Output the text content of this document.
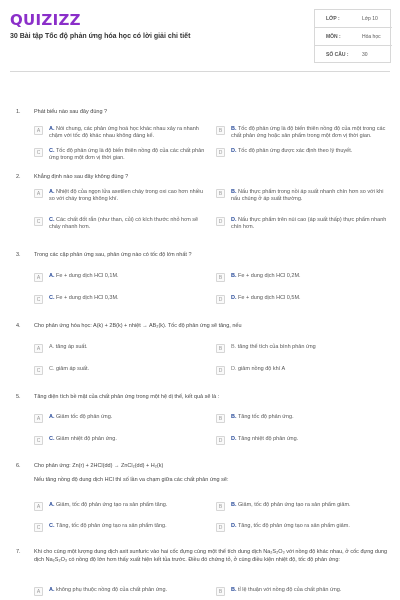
QUIZIZZ
30 Bài tập Tốc độ phản ứng hóa học có lời giải chi tiết
LỚP :	Lớp 10
MÔN :	Hóa học
SỐ CÂU :	30
1. Phát biểu nào sau đây đúng ?
A	A. Nói chung, các phản ứng hoá học khác nhau xảy ra nhanh chậm với tốc độ khác nhau không đáng kể.
B	B. Tốc độ phản ứng là độ biến thiên nồng độ của một trong các chất phản ứng hoặc sản phẩm trong một đơn vị thời gian.
C	C. Tốc độ phản ứng là độ biến thiên nồng độ của các chất phản ứng trong một đơn vị thời gian.
D	D. Tốc độ phản ứng được xác định theo lý thuyết.
2. Khẳng định nào sau đây không đúng ?
A	A. Nhiệt độ của ngọn lửa axetilen cháy trong oxi cao hơn nhiều so với cháy trong không khí.
B	B. Nấu thực phẩm trong nồi áp suất nhanh chín hơn so với khi nấu chúng ở áp suất thường.
C	C. Các chất đốt rắn (như than, củi) có kích thước nhỏ hơn sẽ cháy nhanh hơn.
D	D. Nấu thực phẩm trên núi cao (áp suất thấp) thực phẩm nhanh chín hơn.
3. Trong các cặp phản ứng sau, phản ứng nào có tốc độ lớn nhất ?
A	A. Fe + dung dịch HCl 0,1M.	B	B. Fe + dung dịch HCl 0,2M.
C	C. Fe + dung dịch HCl 0,3M.	D	D. Fe + dung dịch HCl 0,5M.
4. Cho phản ứng hóa học: A(k) + 2B(k) + nhiệt → AB₂(k). Tốc độ phản ứng sẽ tăng, nếu
A	A. tăng áp suất.	B	B. tăng thể tích của bình phản ứng
C	C. giảm áp suất.	D	D. giảm nồng độ khí A
5. Tăng diện tích bề mặt của chất phản ứng trong một hệ dị thể, kết quả sẽ là :
A	A. Giảm tốc độ phản ứng.	B	B. Tăng tốc độ phản ứng.
C	C. Giảm nhiệt độ phản ứng.	D	D. Tăng nhiệt độ phản ứng.
6. Cho phản ứng: Zn(r) + 2HCl(dd) → ZnCl₂(dd) + H₂(k)
Nếu tăng nồng độ dung dịch HCl thì số lần va chạm giữa các chất phản ứng sẽ:
A	A. Giảm, tốc độ phản ứng tạo ra sản phẩm tăng.	B	B. Giảm, tốc độ phản ứng tạo ra sản phẩm giảm.
C	C. Tăng, tốc độ phản ứng tạo ra sản phẩm tăng.	D	D. Tăng, tốc độ phản ứng tạo ra sản phẩm giảm.
7. Khi cho cùng một lượng dung dịch axit sunfuric vào hai cốc đựng cùng một thể tích dung dịch Na₂S₂O₃ với nồng độ khác nhau, ở cốc đựng dung dịch Na₂S₂O₃ có nồng độ lớn hơn thấy xuất hiện kết tủa trước. Điều đó chứng tỏ, ở cùng điều kiện nhiệt độ, tốc độ phản ứng:
A	A. không phụ thuộc nồng độ của chất phản ứng.	B	B. tỉ lệ thuận với nồng độ của chất phản ứng.
